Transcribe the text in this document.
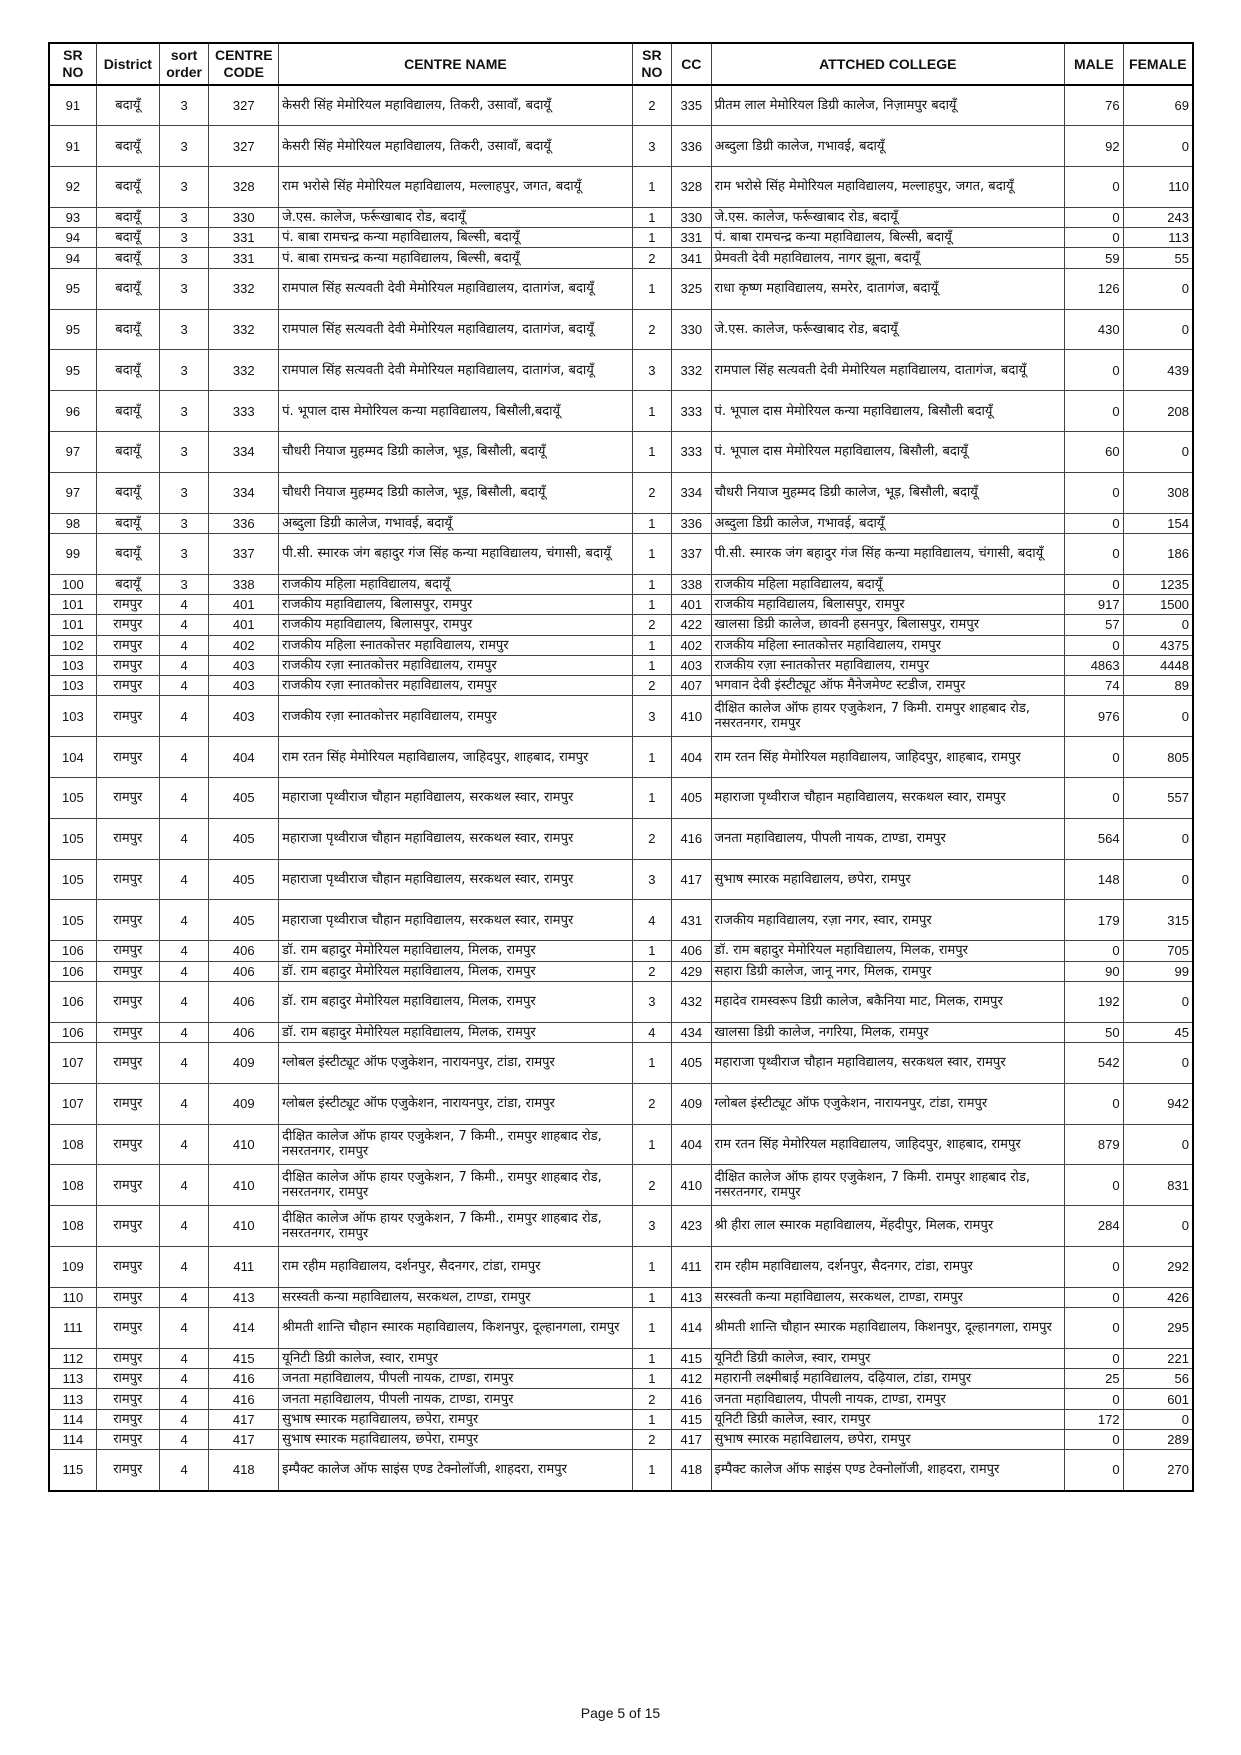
SR NO	District	sort order	CENTRE CODE	CENTRE NAME	SR NO	CC	ATTCHED COLLEGE	MALE	FEMALE
91	बदायूँ	3	327	केसरी सिंह मेमोरियल महाविद्यालय, तिकरी, उसावाँ, बदायूँ	2	335	प्रीतम लाल मेमोरियल डिग्री कालेज, निज़ामपुर बदायूँ	76	69
91	बदायूँ	3	327	केसरी सिंह मेमोरियल महाविद्यालय, तिकरी, उसावाँ, बदायूँ	3	336	अब्दुला डिग्री कालेज, गभावई, बदायूँ	92	0
92	बदायूँ	3	328	राम भरोसे सिंह मेमोरियल महाविद्यालय, मल्लाहपुर, जगत, बदायूँ	1	328	राम भरोसे सिंह मेमोरियल महाविद्यालय, मल्लाहपुर, जगत, बदायूँ	0	110
93	बदायूँ	3	330	जे.एस. कालेज, फर्रूखाबाद रोड, बदायूँ	1	330	जे.एस. कालेज, फर्रूखाबाद रोड, बदायूँ	0	243
94	बदायूँ	3	331	पं. बाबा रामचन्द्र कन्या महाविद्यालय, बिल्सी, बदायूँ	1	331	पं. बाबा रामचन्द्र कन्या महाविद्यालय, बिल्सी, बदायूँ	0	113
94	बदायूँ	3	331	पं. बाबा रामचन्द्र कन्या महाविद्यालय, बिल्सी, बदायूँ	2	341	प्रेमवती देवी महाविद्यालय, नागर झूना, बदायूँ	59	55
95	बदायूँ	3	332	रामपाल सिंह सत्यवती देवी मेमोरियल महाविद्यालय, दातागंज, बदायूँ	1	325	राधा कृष्ण महाविद्यालय, समरेर, दातागंज, बदायूँ	126	0
95	बदायूँ	3	332	रामपाल सिंह सत्यवती देवी मेमोरियल महाविद्यालय, दातागंज, बदायूँ	2	330	जे.एस. कालेज, फर्रूखाबाद रोड, बदायूँ	430	0
95	बदायूँ	3	332	रामपाल सिंह सत्यवती देवी मेमोरियल महाविद्यालय, दातागंज, बदायूँ	3	332	रामपाल सिंह सत्यवती देवी मेमोरियल महाविद्यालय, दातागंज, बदायूँ	0	439
96	बदायूँ	3	333	पं. भूपाल दास मेमोरियल कन्या महाविद्यालय, बिसौली,बदायूँ	1	333	पं. भूपाल दास मेमोरियल कन्या महाविद्यालय, बिसौली बदायूँ	0	208
97	बदायूँ	3	334	चौधरी नियाज मुहम्मद डिग्री कालेज, भूड़, बिसौली, बदायूँ	1	333	पं. भूपाल दास मेमोरियल महाविद्यालय, बिसौली, बदायूँ	60	0
97	बदायूँ	3	334	चौधरी नियाज मुहम्मद डिग्री कालेज, भूड़, बिसौली, बदायूँ	2	334	चौधरी नियाज मुहम्मद डिग्री कालेज, भूड़, बिसौली, बदायूँ	0	308
98	बदायूँ	3	336	अब्दुला डिग्री कालेज, गभावई, बदायूँ	1	336	अब्दुला डिग्री कालेज, गभावई, बदायूँ	0	154
99	बदायूँ	3	337	पी.सी. स्मारक जंग बहादुर गंज सिंह कन्या महाविद्यालय, चंगासी, बदायूँ	1	337	पी.सी. स्मारक जंग बहादुर गंज सिंह कन्या महाविद्यालय, चंगासी, बदायूँ	0	186
100	बदायूँ	3	338	राजकीय महिला महाविद्यालय, बदायूँ	1	338	राजकीय महिला महाविद्यालय, बदायूँ	0	1235
101	रामपुर	4	401	राजकीय महाविद्यालय, बिलासपुर, रामपुर	1	401	राजकीय महाविद्यालय, बिलासपुर, रामपुर	917	1500
101	रामपुर	4	401	राजकीय महाविद्यालय, बिलासपुर, रामपुर	2	422	खालसा डिग्री कालेज, छावनी हसनपुर, बिलासपुर, रामपुर	57	0
102	रामपुर	4	402	राजकीय महिला स्नातकोत्तर महाविद्यालय, रामपुर	1	402	राजकीय महिला स्नातकोत्तर महाविद्यालय, रामपुर	0	4375
103	रामपुर	4	403	राजकीय रज़ा स्नातकोत्तर महाविद्यालय, रामपुर	1	403	राजकीय रज़ा स्नातकोत्तर महाविद्यालय, रामपुर	4863	4448
103	रामपुर	4	403	राजकीय रज़ा स्नातकोत्तर महाविद्यालय, रामपुर	2	407	भगवान देवी इंस्टीट्यूट ऑफ मैनेजमेण्ट स्टडीज, रामपुर	74	89
103	रामपुर	4	403	राजकीय रज़ा स्नातकोत्तर महाविद्यालय, रामपुर	3	410	दीक्षित कालेज ऑफ हायर एजुकेशन, 7 किमी. रामपुर शाहबाद रोड, नसरतनगर, रामपुर	976	0
104	रामपुर	4	404	राम रतन सिंह मेमोरियल महाविद्यालय, जाहिदपुर, शाहबाद, रामपुर	1	404	राम रतन सिंह मेमोरियल महाविद्यालय, जाहिदपुर, शाहबाद, रामपुर	0	805
105	रामपुर	4	405	महाराजा पृथ्वीराज चौहान महाविद्यालय, सरकथल स्वार, रामपुर	1	405	महाराजा पृथ्वीराज चौहान महाविद्यालय, सरकथल स्वार, रामपुर	0	557
105	रामपुर	4	405	महाराजा पृथ्वीराज चौहान महाविद्यालय, सरकथल स्वार, रामपुर	2	416	जनता महाविद्यालय, पीपली नायक, टाण्डा, रामपुर	564	0
105	रामपुर	4	405	महाराजा पृथ्वीराज चौहान महाविद्यालय, सरकथल स्वार, रामपुर	3	417	सुभाष स्मारक महाविद्यालय, छपेरा, रामपुर	148	0
105	रामपुर	4	405	महाराजा पृथ्वीराज चौहान महाविद्यालय, सरकथल स्वार, रामपुर	4	431	राजकीय महाविद्यालय, रज़ा नगर, स्वार, रामपुर	179	315
106	रामपुर	4	406	डॉ. राम बहादुर मेमोरियल महाविद्यालय, मिलक, रामपुर	1	406	डॉ. राम बहादुर मेमोरियल महाविद्यालय, मिलक, रामपुर	0	705
106	रामपुर	4	406	डॉ. राम बहादुर मेमोरियल महाविद्यालय, मिलक, रामपुर	2	429	सहारा डिग्री कालेज, जानू नगर, मिलक, रामपुर	90	99
106	रामपुर	4	406	डॉ. राम बहादुर मेमोरियल महाविद्यालय, मिलक, रामपुर	3	432	महादेव रामस्वरूप डिग्री कालेज, बकैनिया माट, मिलक, रामपुर	192	0
106	रामपुर	4	406	डॉ. राम बहादुर मेमोरियल महाविद्यालय, मिलक, रामपुर	4	434	खालसा डिग्री कालेज, नगरिया, मिलक, रामपुर	50	45
107	रामपुर	4	409	ग्लोबल इंस्टीट्यूट ऑफ एजुकेशन, नारायनपुर, टांडा, रामपुर	1	405	महाराजा पृथ्वीराज चौहान महाविद्यालय, सरकथल स्वार, रामपुर	542	0
107	रामपुर	4	409	ग्लोबल इंस्टीट्यूट ऑफ एजुकेशन, नारायनपुर, टांडा, रामपुर	2	409	ग्लोबल इंस्टीट्यूट ऑफ एजुकेशन, नारायनपुर, टांडा, रामपुर	0	942
108	रामपुर	4	410	दीक्षित कालेज ऑफ हायर एजुकेशन, 7 किमी., रामपुर शाहबाद रोड, नसरतनगर, रामपुर	1	404	राम रतन सिंह मेमोरियल महाविद्यालय, जाहिदपुर, शाहबाद, रामपुर	879	0
108	रामपुर	4	410	दीक्षित कालेज ऑफ हायर एजुकेशन, 7 किमी., रामपुर शाहबाद रोड, नसरतनगर, रामपुर	2	410	दीक्षित कालेज ऑफ हायर एजुकेशन, 7 किमी. रामपुर शाहबाद रोड, नसरतनगर, रामपुर	0	831
108	रामपुर	4	410	दीक्षित कालेज ऑफ हायर एजुकेशन, 7 किमी., रामपुर शाहबाद रोड, नसरतनगर, रामपुर	3	423	श्री हीरा लाल स्मारक महाविद्यालय, मेंहदीपुर, मिलक, रामपुर	284	0
109	रामपुर	4	411	राम रहीम महाविद्यालय, दर्शनपुर, सैदनगर, टांडा, रामपुर	1	411	राम रहीम महाविद्यालय, दर्शनपुर, सैदनगर, टांडा, रामपुर	0	292
110	रामपुर	4	413	सरस्वती कन्या महाविद्यालय, सरकथल, टाण्डा, रामपुर	1	413	सरस्वती कन्या महाविद्यालय, सरकथल, टाण्डा, रामपुर	0	426
111	रामपुर	4	414	श्रीमती शान्ति चौहान स्मारक महाविद्यालय, किशनपुर, दूल्हानगला, रामपुर	1	414	श्रीमती शान्ति चौहान स्मारक महाविद्यालय, किशनपुर, दूल्हानगला, रामपुर	0	295
112	रामपुर	4	415	यूनिटी डिग्री कालेज, स्वार, रामपुर	1	415	यूनिटी डिग्री कालेज, स्वार, रामपुर	0	221
113	रामपुर	4	416	जनता महाविद्यालय, पीपली नायक, टाण्डा, रामपुर	1	412	महारानी लक्ष्मीबाई महाविद्यालय, दढ़ियाल, टांडा, रामपुर	25	56
113	रामपुर	4	416	जनता महाविद्यालय, पीपली नायक, टाण्डा, रामपुर	2	416	जनता महाविद्यालय, पीपली नायक, टाण्डा, रामपुर	0	601
114	रामपुर	4	417	सुभाष स्मारक महाविद्यालय, छपेरा, रामपुर	1	415	यूनिटी डिग्री कालेज, स्वार, रामपुर	172	0
114	रामपुर	4	417	सुभाष स्मारक महाविद्यालय, छपेरा, रामपुर	2	417	सुभाष स्मारक महाविद्यालय, छपेरा, रामपुर	0	289
115	रामपुर	4	418	इम्पैक्ट कालेज ऑफ साइंस एण्ड टेक्नोलॉजी, शाहदरा, रामपुर	1	418	इम्पैक्ट कालेज ऑफ साइंस एण्ड टेक्नोलॉजी, शाहदरा, रामपुर	0	270
Page 5 of 15
